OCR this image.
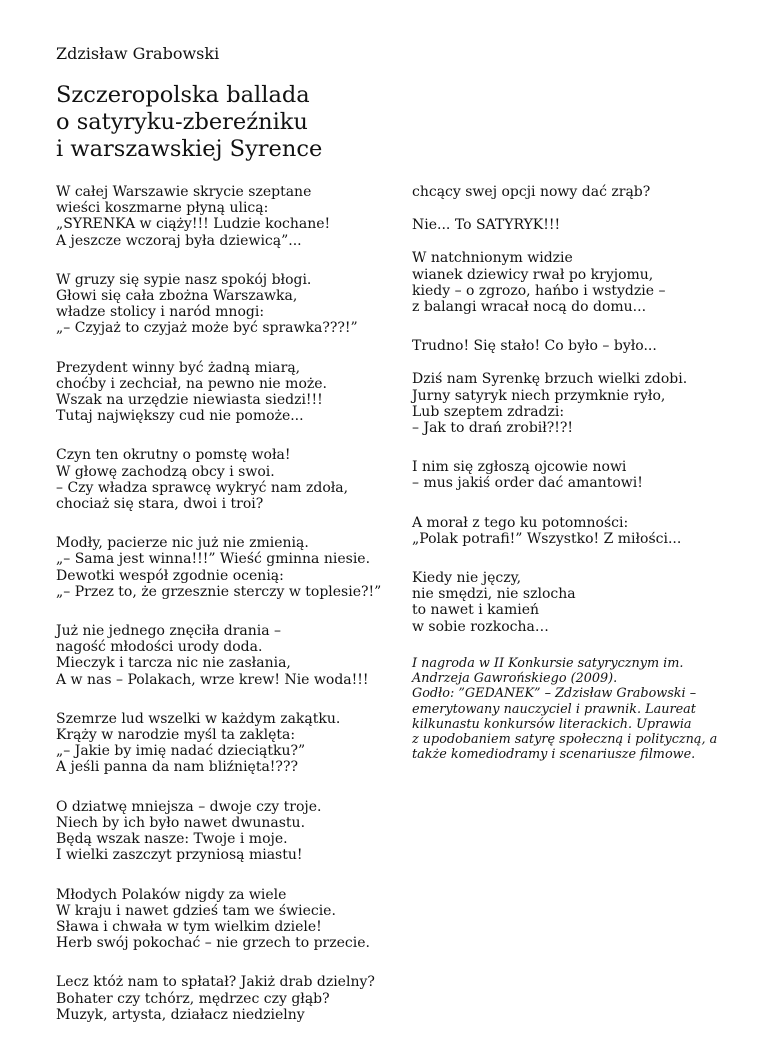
Zdzisław Grabowski
Szczeropolska ballada
o satyryku-zbereźniku
i warszawskiej Syrence
W całej Warszawie skrycie szeptane
wieści koszmarne płyną ulicą:
„SYRENKA w ciąży!!! Ludzie kochane!
A jeszcze wczoraj była dziewicą”...
W gruzy się sypie nasz spokój błogi.
Głowi się cała zbożna Warszawka,
władze stolicy i naród mnogi:
„– Czyjaż to czyjaż może być sprawka???!”
Prezydent winny być żadną miarą,
choćby i zechciał, na pewno nie może.
Wszak na urzędzie niewiasta siedzi!!!
Tutaj największy cud nie pomoże...
Czyn ten okrutny o pomstę woła!
W głowę zachodzą obcy i swoi.
– Czy władza sprawcę wykryć nam zdoła,
chociaż się stara, dwoi i troi?
Modły, pacierze nic już nie zmienią.
„– Sama jest winna!!!” Wieść gminna niesie.
Dewotki wespół zgodnie ocenią:
„– Przez to, że grzesznie sterczy w toplesie?!”
Już nie jednego znęciła drania –
nagość młodości urody doda.
Mieczyk i tarcza nic nie zasłania,
A w nas – Polakach, wrze krew! Nie woda!!!
Szemrze lud wszelki w każdym zakątku.
Krąży w narodzie myśl ta zaklęta:
„– Jakie by imię nadać dzieciątku?”
A jeśli panna da nam bliźnięta!???
O dziatwę mniejsza – dwoje czy troje.
Niech by ich było nawet dwunastu.
Będą wszak nasze: Twoje i moje.
I wielki zaszczyt przyniosą miastu!
Młodych Polaków nigdy za wiele
W kraju i nawet gdzieś tam we świecie.
Sława i chwała w tym wielkim dziele!
Herb swój pokochać – nie grzech to przecie.
Lecz któż nam to spłatał? Jakiż drab dzielny?
Bohater czy tchórz, mędrzec czy głąb?
Muzyk, artysta, działacz niedzielny
chcący swej opcji nowy dać zrąb?
Nie... To SATYRYK!!!
W natchnionym widzie
wianek dziewicy rwał po kryjomu,
kiedy – o zgrozo, hańbo i wstydzie –
z balangi wracał nocą do domu...
Trudno! Się stało! Co było – było...
Dziś nam Syrenkę brzuch wielki zdobi.
Jurny satyryk niech przymknie ryło,
Lub szeptem zdradzi:
– Jak to drań zrobił?!?!
I nim się zgłoszą ojcowie nowi
– mus jakiś order dać amantowi!
A morał z tego ku potomności:
„Polak potrafi!” Wszystko! Z miłości...
Kiedy nie jęczy,
nie smędzi, nie szlocha
to nawet i kamień
w sobie rozkocha…
I nagroda w II Konkursie satyrycznym im.
Andrzeja Gawrońskiego (2009).
Godło: ”GEDANEK” – Zdzisław Grabowski –
emerytowany nauczyciel i prawnik. Laureat
kilkunastu konkursów literackich. Uprawia
z upodobaniem satyrę społeczną i polityczną, a
także komediodramy i scenariusze filmowe.
